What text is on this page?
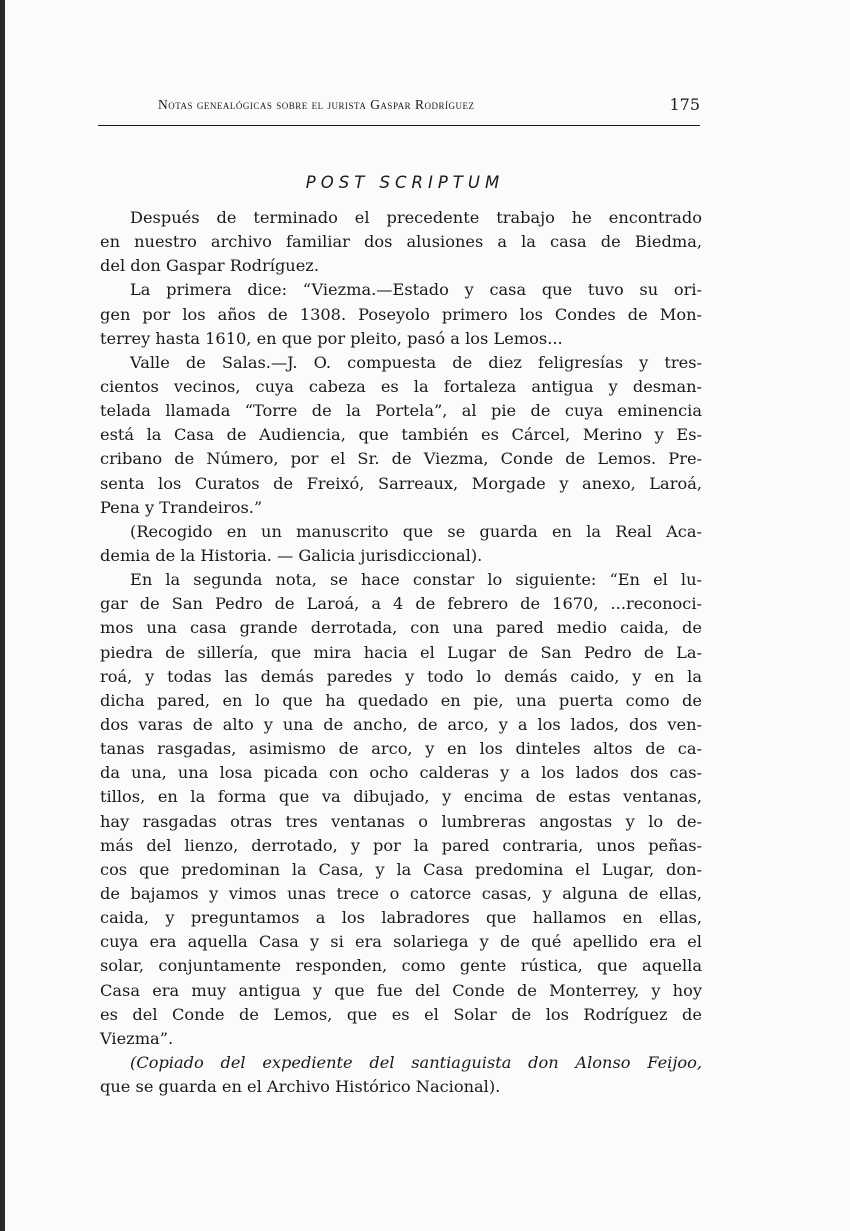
Notas genealógicas sobre el jurista Gaspar Rodríguez	175
POST SCRIPTUM
Después de terminado el precedente trabajo he encontrado
en nuestro archivo familiar dos alusiones a la casa de Biedma,
del don Gaspar Rodríguez.
La primera dice: “Viezma.—Estado y casa que tuvo su ori-
gen por los años de 1308. Poseyolo primero los Condes de Mon-
terrey hasta 1610, en que por pleito, pasó a los Lemos...
Valle de Salas.—J. O. compuesta de diez feligresías y tres-
cientos vecinos, cuya cabeza es la fortaleza antigua y desman-
telada llamada “Torre de la Portela”, al pie de cuya eminencia
está la Casa de Audiencia, que también es Cárcel, Merino y Es-
cribano de Número, por el Sr. de Viezma, Conde de Lemos. Pre-
senta los Curatos de Freixó, Sarreaux, Morgade y anexo, Laroá,
Pena y Trandeiros.”
(Recogido en un manuscrito que se guarda en la Real Aca-
demia de la Historia. — Galicia jurisdiccional).
En la segunda nota, se hace constar lo siguiente: “En el lu-
gar de San Pedro de Laroá, a 4 de febrero de 1670, ...reconoci-
mos una casa grande derrotada, con una pared medio caida, de
piedra de sillería, que mira hacia el Lugar de San Pedro de La-
roá, y todas las demás paredes y todo lo demás caido, y en la
dicha pared, en lo que ha quedado en pie, una puerta como de
dos varas de alto y una de ancho, de arco, y a los lados, dos ven-
tanas rasgadas, asimismo de arco, y en los dinteles altos de ca-
da una, una losa picada con ocho calderas y a los lados dos cas-
tillos, en la forma que va dibujado, y encima de estas ventanas,
hay rasgadas otras tres ventanas o lumbreras angostas y lo de-
más del lienzo, derrotado, y por la pared contraria, unos peñas-
cos que predominan la Casa, y la Casa predomina el Lugar, don-
de bajamos y vimos unas trece o catorce casas, y alguna de ellas,
caida, y preguntamos a los labradores que hallamos en ellas,
cuya era aquella Casa y si era solariega y de qué apellido era el
solar, conjuntamente responden, como gente rústica, que aquella
Casa era muy antigua y que fue del Conde de Monterrey, y hoy
es del Conde de Lemos, que es el Solar de los Rodríguez de
Viezma”.
(Copiado del expediente del santiaguista don Alonso Feijoo,
que se guarda en el Archivo Histórico Nacional).
